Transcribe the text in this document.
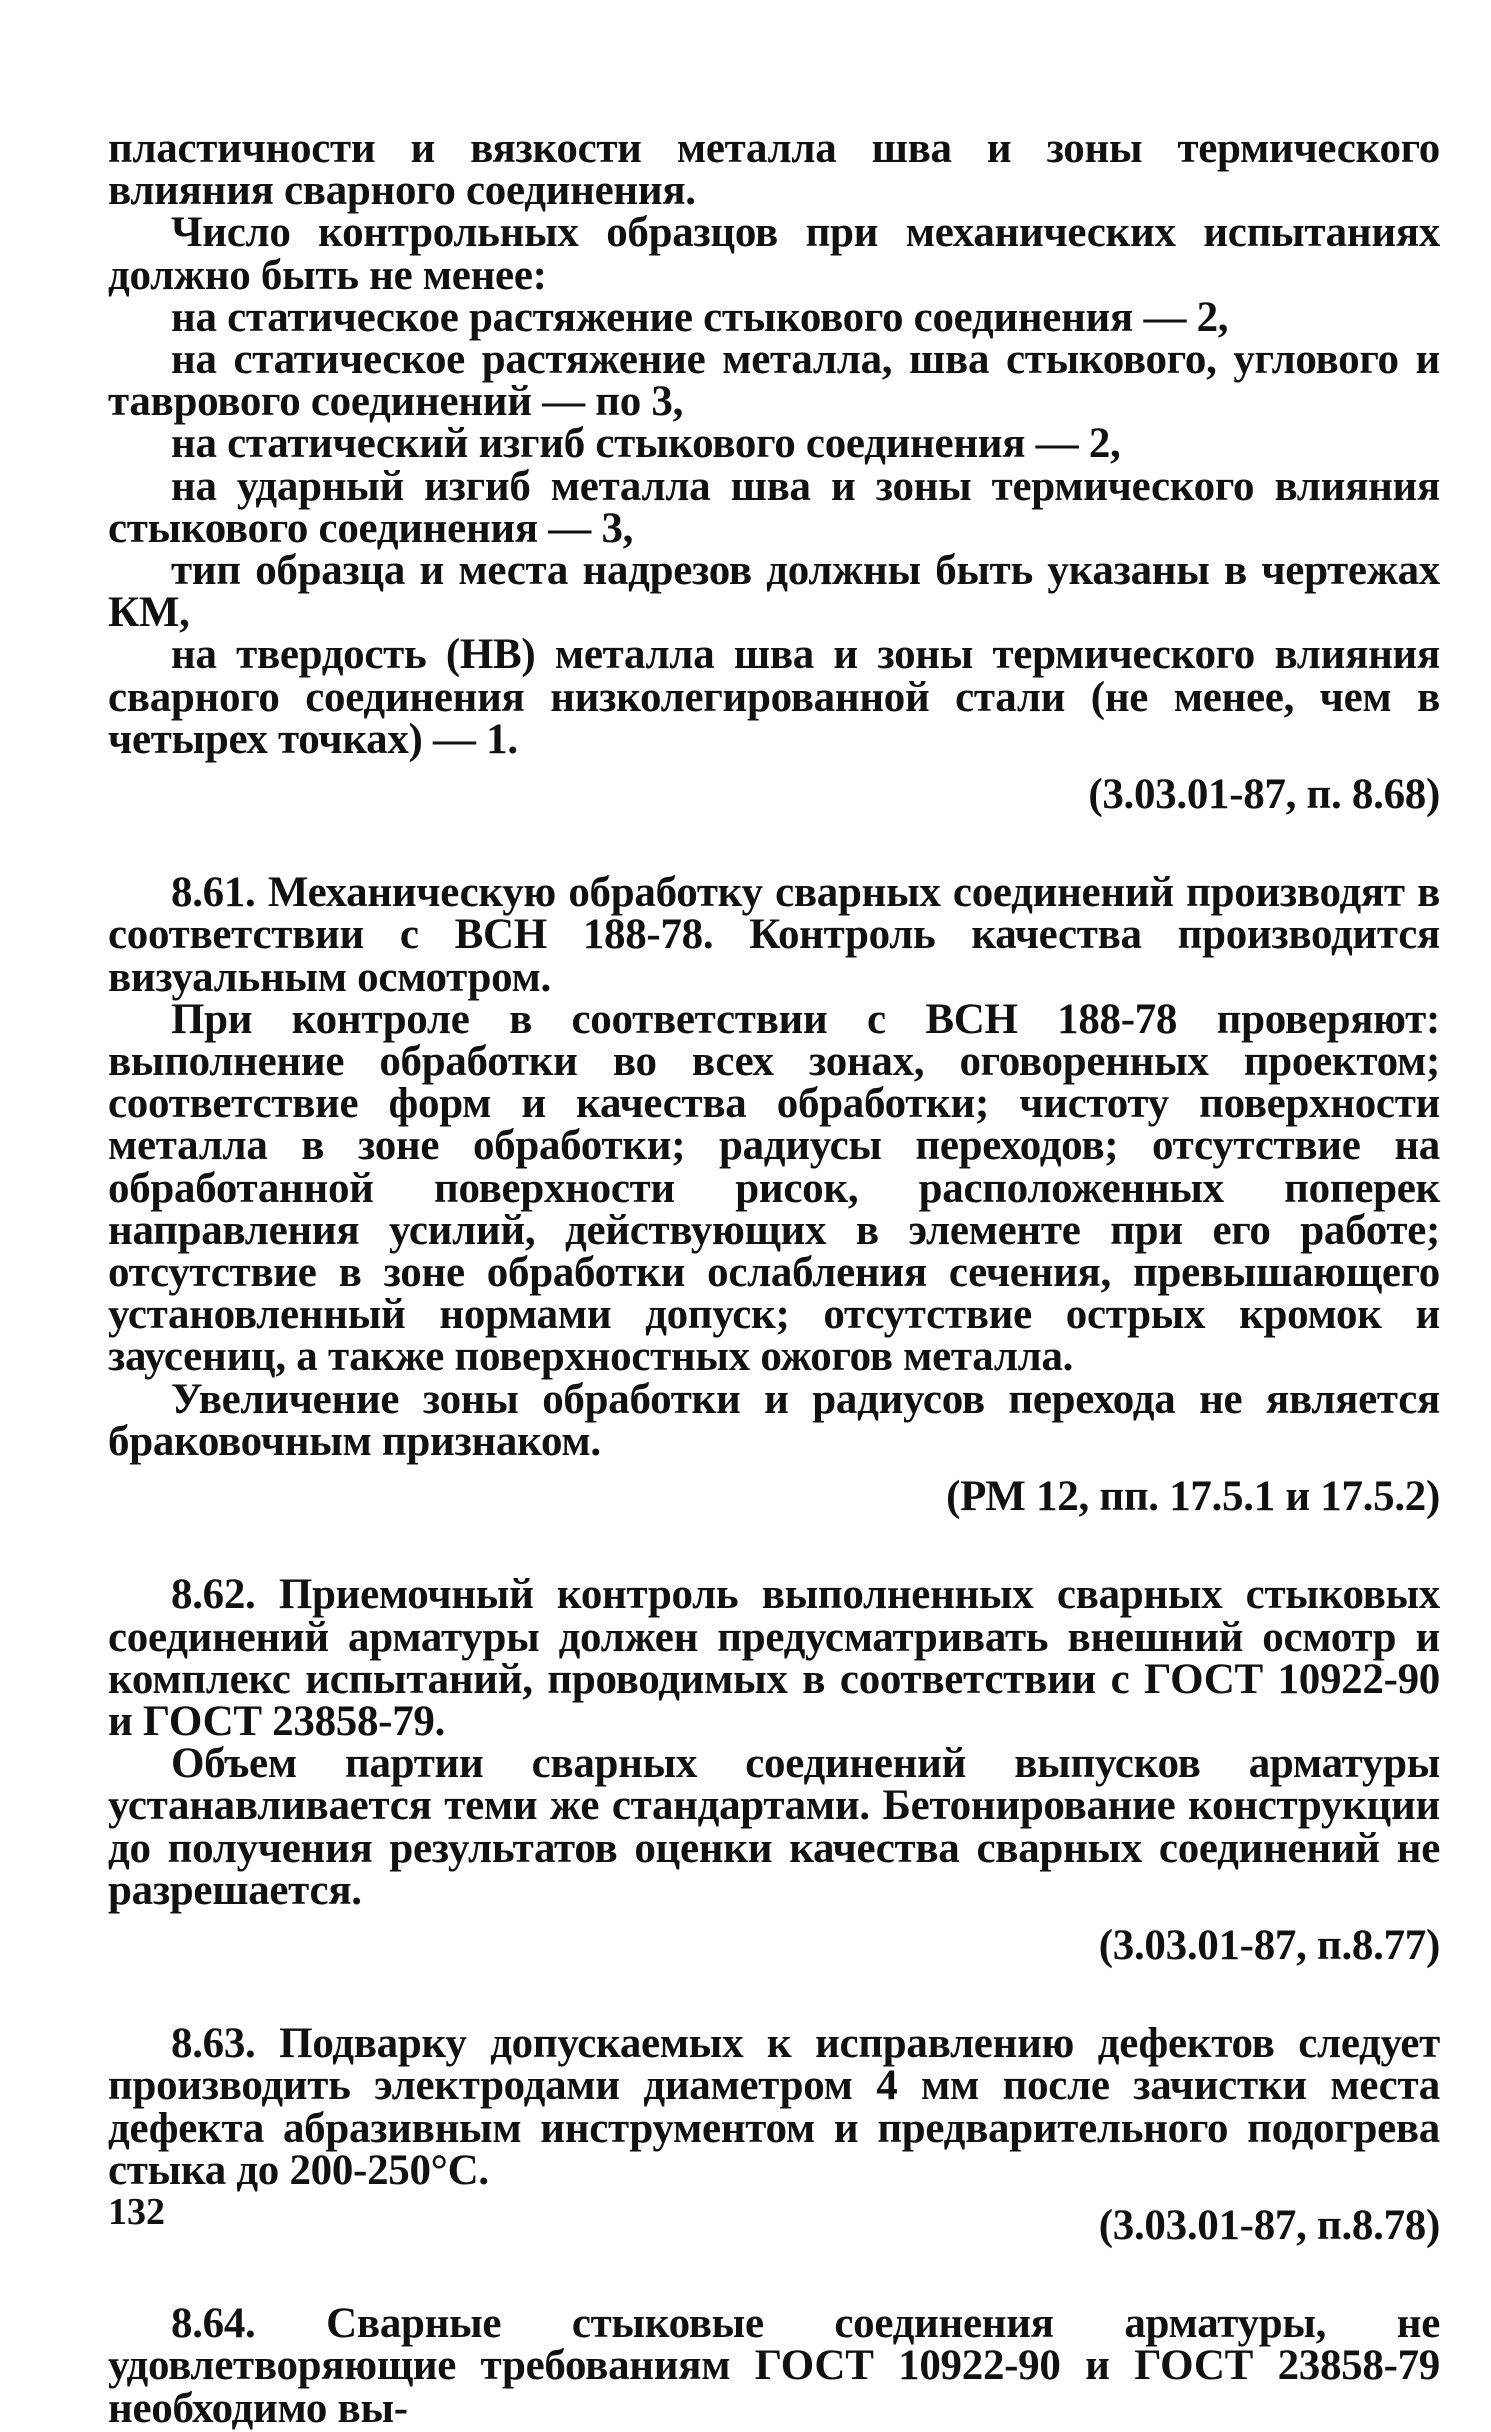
пластичности и вязкости металла шва и зоны термического влияния сварного соединения.

Число контрольных образцов при механических испытаниях должно быть не менее:

на статическое растяжение стыкового соединения — 2,

на статическое растяжение металла, шва стыкового, углового и таврового соединений — по 3,

на статический изгиб стыкового соединения — 2,

на ударный изгиб металла шва и зоны термического влияния стыкового соединения — 3,

тип образца и места надрезов должны быть указаны в чертежах КМ,

на твердость (НВ) металла шва и зоны термического влияния сварного соединения низколегированной стали (не менее, чем в четырех точках) — 1.

(3.03.01-87, п. 8.68)

8.61. Механическую обработку сварных соединений производят в соответствии с ВСН 188-78. Контроль качества производится визуальным осмотром.

При контроле в соответствии с ВСН 188-78 проверяют: выполнение обработки во всех зонах, оговоренных проектом; соответствие форм и качества обработки; чистоту поверхности металла в зоне обработки; радиусы переходов; отсутствие на обработанной поверхности рисок, расположенных поперек направления усилий, действующих в элементе при его работе; отсутствие в зоне обработки ослабления сечения, превышающего установленный нормами допуск; отсутствие острых кромок и заусениц, а также поверхностных ожогов металла.

Увеличение зоны обработки и радиусов перехода не является браковочным признаком.

(РМ 12, пп. 17.5.1 и 17.5.2)

8.62. Приемочный контроль выполненных сварных стыковых соединений арматуры должен предусматривать внешний осмотр и комплекс испытаний, проводимых в соответствии с ГОСТ 10922-90 и ГОСТ 23858-79.

Объем партии сварных соединений выпусков арматуры устанавливается теми же стандартами. Бетонирование конструкции до получения результатов оценки качества сварных соединений не разрешается.

(3.03.01-87, п.8.77)

8.63. Подварку допускаемых к исправлению дефектов следует производить электродами диаметром 4 мм после зачистки места дефекта абразивным инструментом и предварительного подогрева стыка до 200-250°С.

(3.03.01-87, п.8.78)

8.64. Сварные стыковые соединения арматуры, не удовлетворяющие требованиям ГОСТ 10922-90 и ГОСТ 23858-79 необходимо вы-

132
